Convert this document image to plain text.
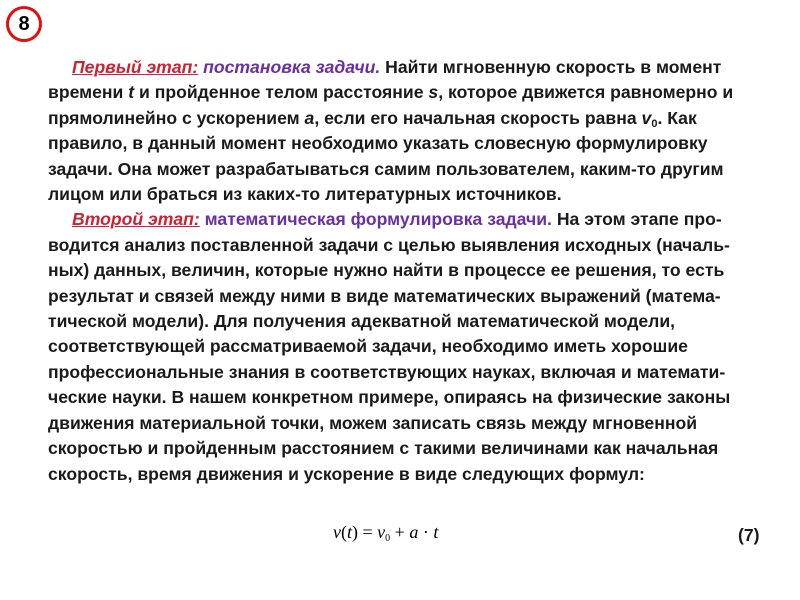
8
Первый этап: постановка задачи. Найти мгновенную скорость в момент
времени t и пройденное телом расстояние s, которое движется равномерно и
прямолинейно с ускорением a, если его начальная скорость равна $v_0$. Как
правило, в данный момент необходимо указать словесную формулировку
задачи. Она может разрабатываться самим пользователем, каким-то другим
лицом или браться из каких-то литературных источников.
Второй этап: математическая формулировка задачи. На этом этапе про-
водится анализ поставленной задачи с целью выявления исходных (началь-
ных) данных, величин, которые нужно найти в процессе ее решения, то есть
результат и связей между ними в виде математических выражений (матема-
тической модели). Для получения адекватной математической модели,
соответствующей рассматриваемой задачи, необходимо иметь хорошие
профессиональные знания в соответствующих науках, включая и математи-
ческие науки. В нашем конкретном примере, опираясь на физические законы
движения материальной точки, можем записать связь между мгновенной
скоростью и пройденным расстоянием с такими величинами как начальная
скорость, время движения и ускорение в виде следующих формул:
$v(t) = v_0 + a \cdot t$	(7)
